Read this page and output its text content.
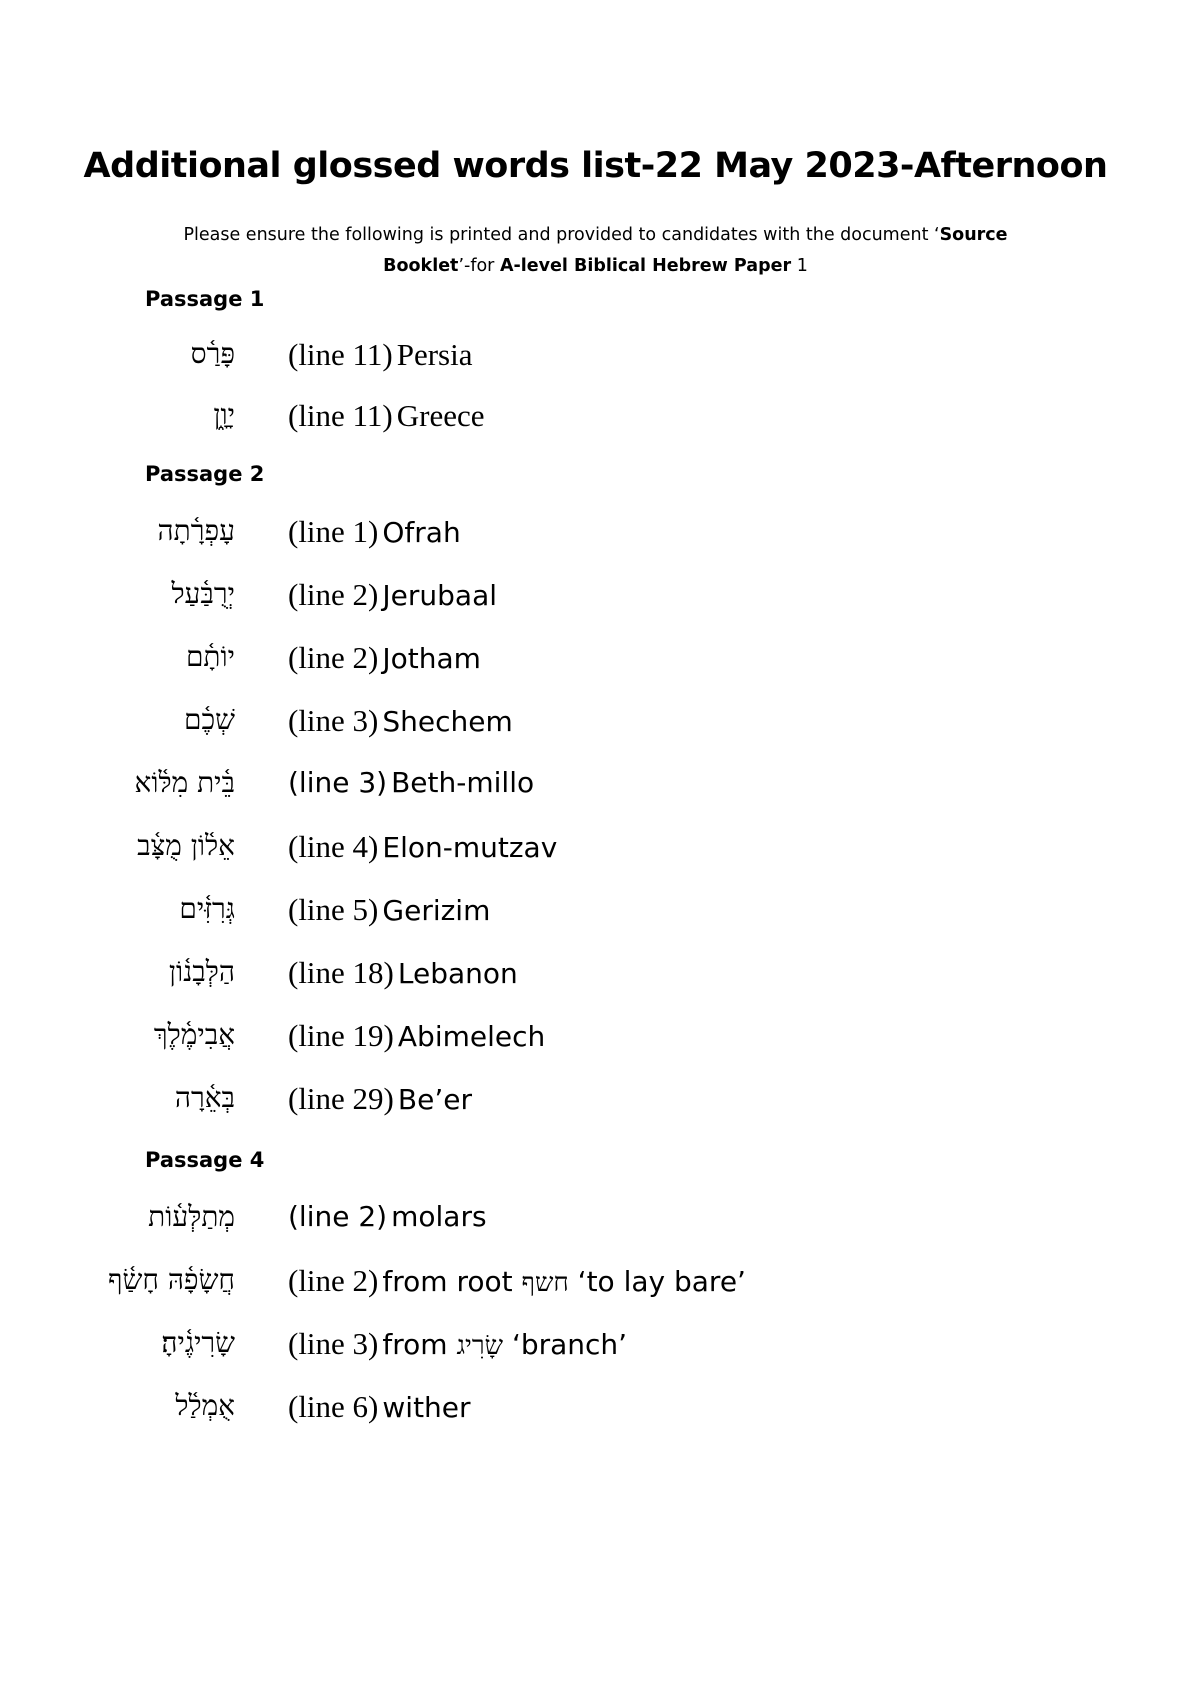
Additional glossed words list-22 May 2023-Afternoon
Please ensure the following is printed and provided to candidates with the document ‘Source Booklet’-for A-level Biblical Hebrew Paper 1
Passage 1
פָּרַ֫ס (line 11) Persia
יָוָ֑ן (line 11) Greece
Passage 2
עָפְרָ֫תָה (line 1) Ofrah
יְרֻבַּ֫עַל (line 2) Jerubaal
יוֹתָ֫ם (line 2) Jotham
שְׁכֶ֫ם (line 3) Shechem
בֵּ֫ית מִלּ֫וֹא (line 3) Beth-millo
אֵל֫וֹן מֻצָּ֫ב (line 4) Elon-mutzav
גְּרִזִּ֫ים (line 5) Gerizim
הַלְּבָנ֫וֹן (line 18) Lebanon
אֲבִימֶ֫לֶךְ (line 19) Abimelech
בְּאֵ֫רָה (line 29) Be’er
Passage 4
מְתַלְּע֫וֹת (line 2) molars
חֲשָׂפָ֫הּ חָשַׂ֫ף (line 2) from root חשף ‘to lay bare’
שָׂרִיגֶ֫יהָ׃ (line 3) from שָׂרִיג ‘branch’
אֻמְלַ֫ל (line 6) wither
